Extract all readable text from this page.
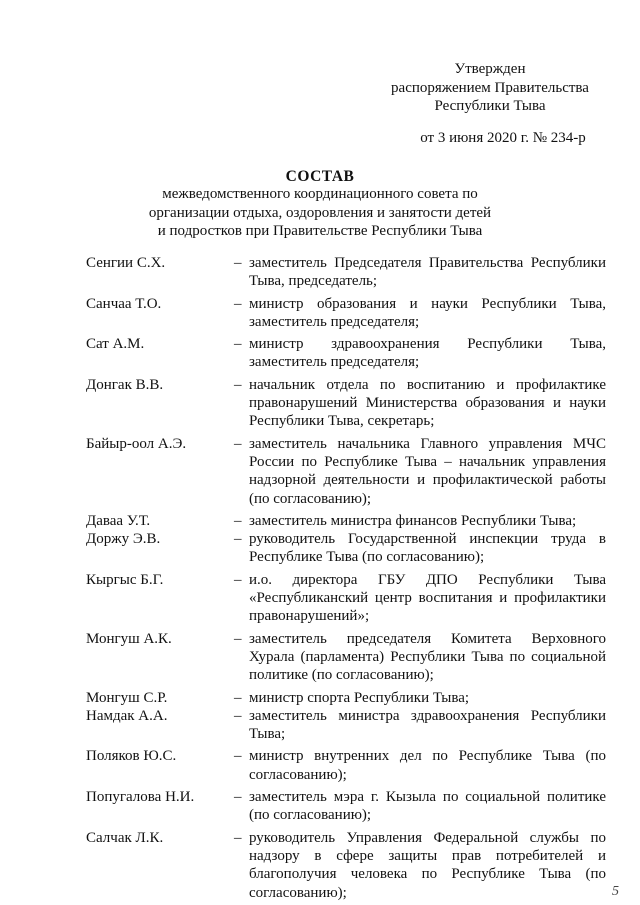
Утвержден
распоряжением Правительства
Республики Тыва
от 3 июня 2020 г. № 234-р
СОСТАВ
межведомственного координационного совета по
организации отдыха, оздоровления и занятости детей
и подростков при Правительстве Республики Тыва
Сенгии С.Х.	– заместитель Председателя Правительства Республики Тыва, председатель;
Санчаа Т.О.	– министр образования и науки Республики Тыва, заместитель председателя;
Сат А.М.	– министр здравоохранения Республики Тыва, заместитель председателя;
Донгак В.В.	– начальник отдела по воспитанию и профилактике правонарушений Министерства образования и науки Республики Тыва, секретарь;
Байыр-оол А.Э.	– заместитель начальника Главного управления МЧС России по Республике Тыва – начальник управления надзорной деятельности и профилактической работы (по согласованию);
Даваа У.Т.	– заместитель министра финансов Республики Тыва;
Доржу Э.В.	– руководитель Государственной инспекции труда в Республике Тыва (по согласованию);
Кыргыс Б.Г.	– и.о. директора ГБУ ДПО Республики Тыва «Республиканский центр воспитания и профилактики правонарушений»;
Монгуш А.К.	– заместитель председателя Комитета Верховного Хурала (парламента) Республики Тыва по социальной политике (по согласованию);
Монгуш С.Р.	– министр спорта Республики Тыва;
Намдак А.А.	– заместитель министра здравоохранения Республики Тыва;
Поляков Ю.С.	– министр внутренних дел по Республике Тыва (по согласованию);
Попугалова Н.И.	– заместитель мэра г. Кызыла по социальной политике (по согласованию);
Салчак Л.К.	– руководитель Управления Федеральной службы по надзору в сфере защиты прав потребителей и благополучия человека по Республике Тыва (по согласованию);	5
